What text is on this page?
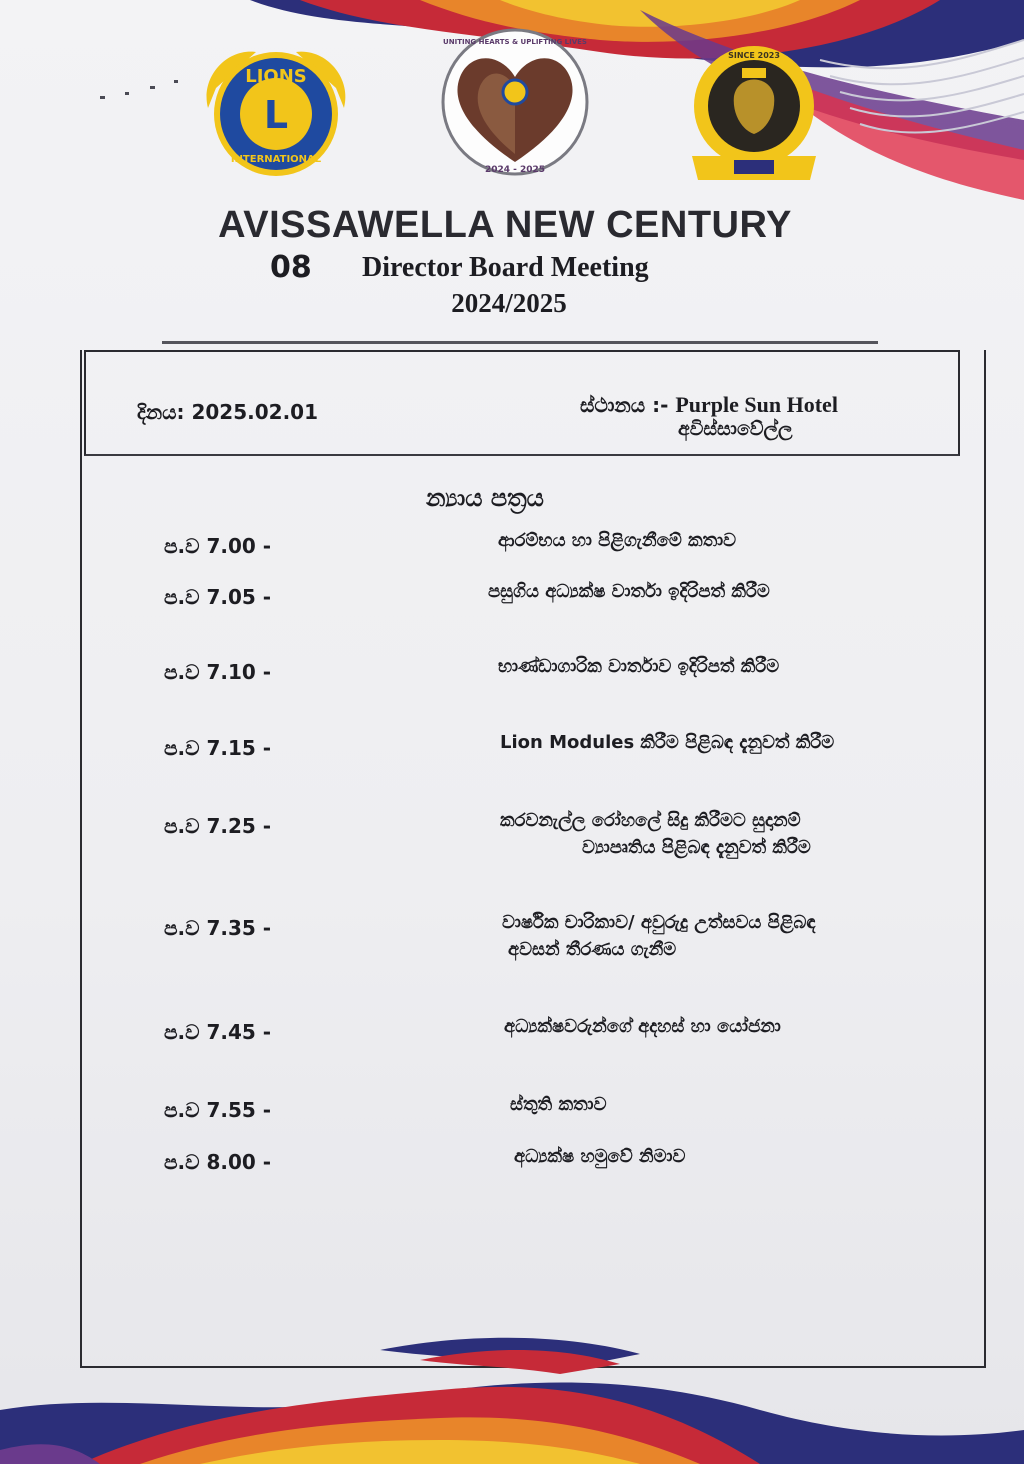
LIONS
L
INTERNATIONAL
UNITING HEARTS & UPLIFTING LIVES
2024 - 2025
SINCE 2023
AVISSAWELLA NEW CENTURY
08 Director Board Meeting
2024/2025
දිනය: 2025.02.01	ස්ථානය :- Purple Sun Hotel
අවිස්සාවේල්ල
න්‍යාය පත්‍රය
ප.ව 7.00 -	ආරම්භය හා පිළිගැනීමේ කතාව
ප.ව 7.05 -	පසුගිය අධ්‍යක්ෂ වාර්තා ඉදිරිපත් කිරීම
ප.ව 7.10 -	භාණ්ඩාගාරික වාර්තාව ඉදිරිපත් කිරීම
ප.ව 7.15 -	Lion Modules කිරීම පිළිබඳ දැනුවත් කිරීම
ප.ව 7.25 -	කරවනැල්ල රෝහලේ සිදු කිරීමට සුදානම්
ව්‍යාපෘතිය පිළිබඳ දැනුවත් කිරීම
ප.ව 7.35 -	වාර්ෂික චාරිකාව/ අවුරුදු උත්සවය පිළිබඳ
අවසන් තීරණය ගැනීම
ප.ව 7.45 -	අධ්‍යක්ෂවරුන්ගේ අදහස් හා යෝජනා
ප.ව 7.55 -	ස්තුති කතාව
ප.ව 8.00 -	අධ්‍යක්ෂ හමුවේ නිමාව
